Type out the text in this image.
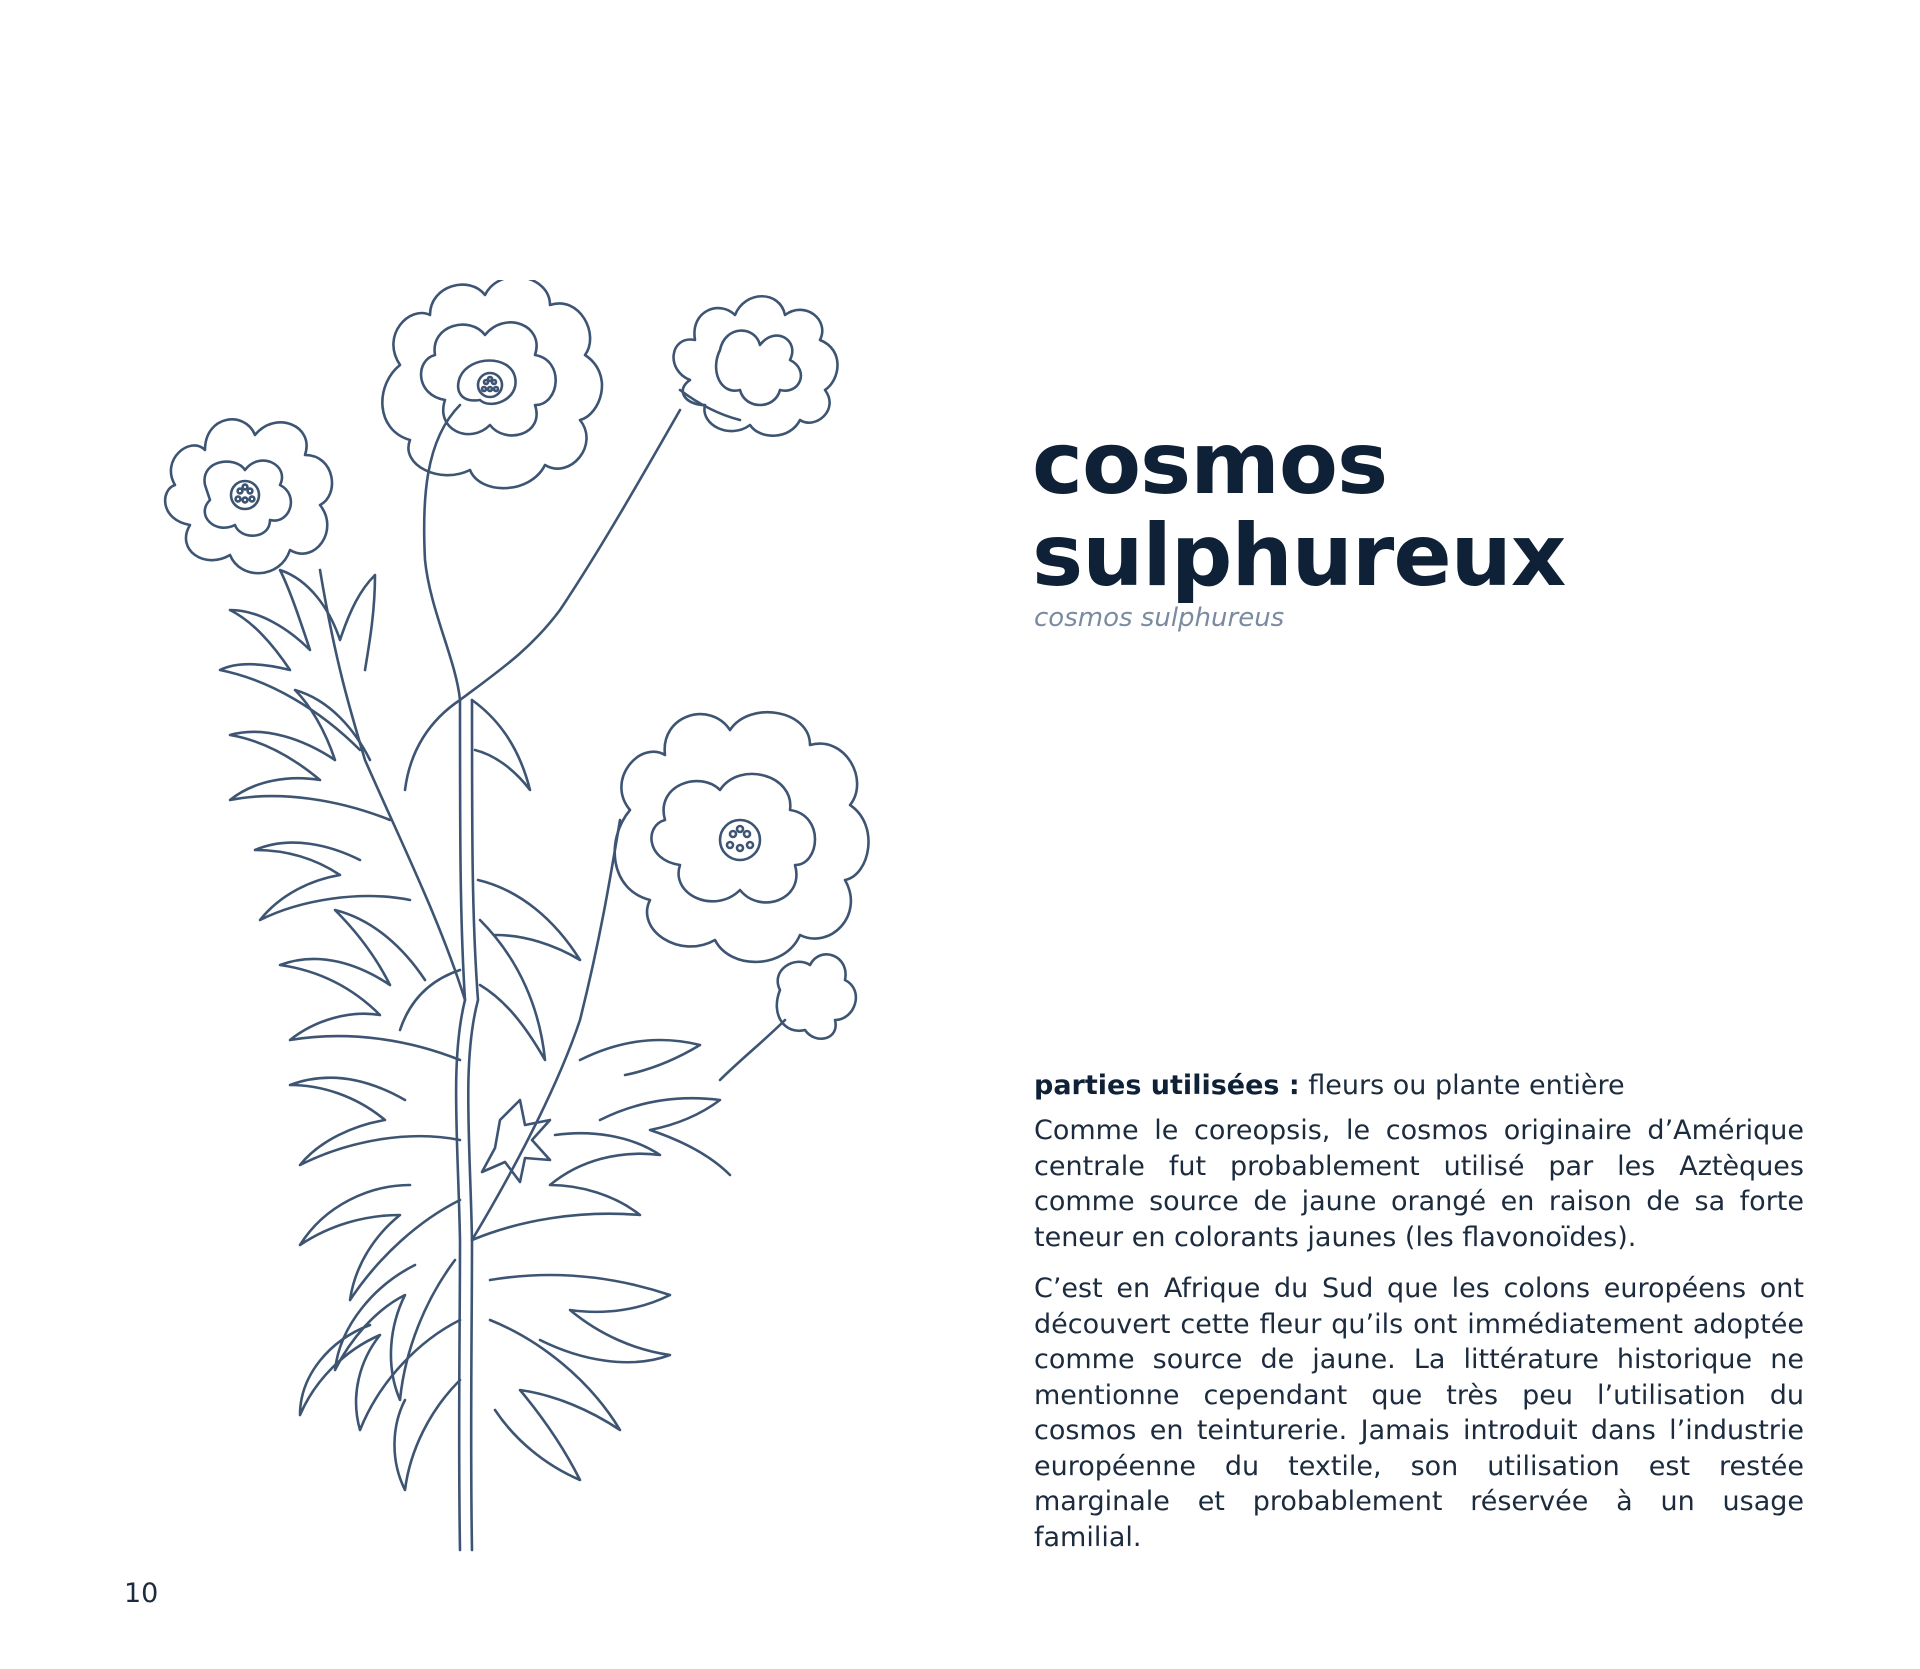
cosmos
sulphureux
cosmos sulphureus
parties utilisées : fleurs ou plante entière

Comme le coreopsis, le cosmos originaire d’Amérique centrale fut probablement utilisé par les Aztèques comme source de jaune orangé en raison de sa forte teneur en colorants jaunes (les flavonoïdes).

C’est en Afrique du Sud que les colons européens ont découvert cette fleur qu’ils ont immédiatement adoptée comme source de jaune. La littérature historique ne mentionne cependant que très peu l’utilisation du cosmos en teinturerie. Jamais introduit dans l’industrie européenne du textile, son utilisation est restée marginale et probablement réservée à un usage familial.

10
